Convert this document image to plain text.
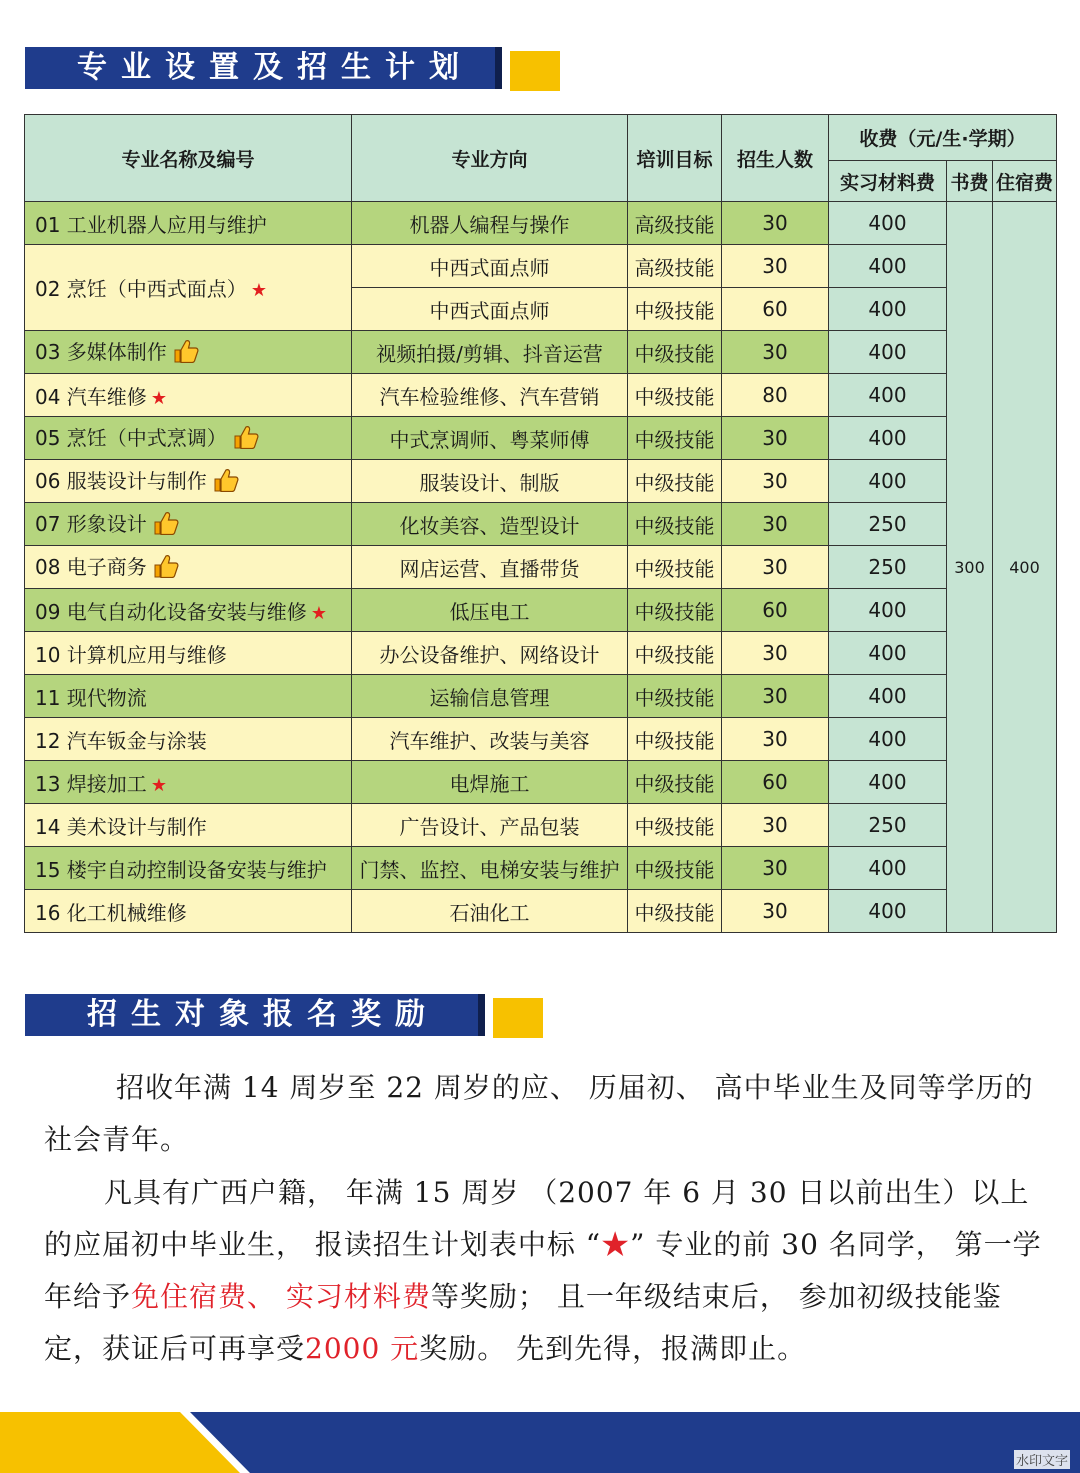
专业设置及招生计划
专业名称及编号	专业方向	培训目标	招生人数	收费（元/生·学期）		
				实习材料费	书费	住宿费
01 工业机器人应用与维护	机器人编程与操作	高级技能	30	400	300	400
02 烹饪（中西式面点） ★	中西式面点师	高级技能	30	400		
	中西式面点师	中级技能	60	400		
03 多媒体制作	视频拍摄/剪辑、抖音运营	中级技能	30	400		
04 汽车维修 ★	汽车检验维修、汽车营销	中级技能	80	400		
05 烹饪（中式烹调）	中式烹调师、粤菜师傅	中级技能	30	400		
06 服装设计与制作	服装设计、制版	中级技能	30	400		
07 形象设计	化妆美容、造型设计	中级技能	30	250		
08 电子商务	网店运营、直播带货	中级技能	30	250		
09 电气自动化设备安装与维修 ★	低压电工	中级技能	60	400		
10 计算机应用与维修	办公设备维护、网络设计	中级技能	30	400		
11 现代物流	运输信息管理	中级技能	30	400		
12 汽车钣金与涂装	汽车维护、改装与美容	中级技能	30	400		
13 焊接加工 ★	电焊施工	中级技能	60	400		
14 美术设计与制作	广告设计、产品包装	中级技能	30	250		
15 楼宇自动控制设备安装与维护	门禁、监控、电梯安装与维护	中级技能	30	400		
16 化工机械维修	石油化工	中级技能	30	400		
招生对象报名奖励
招收年满 14 周岁至 22 周岁的应、 历届初、 高中毕业生及同等学历的社会青年。
凡具有广西户籍， 年满 15 周岁 （2007 年 6 月 30 日以前出生）以上的应届初中毕业生， 报读招生计划表中标 “★” 专业的前 30 名同学， 第一学年给予免住宿费、 实习材料费等奖励； 且一年级结束后， 参加初级技能鉴定，获证后可再享受2000 元奖励。 先到先得，报满即止。
水印文字
